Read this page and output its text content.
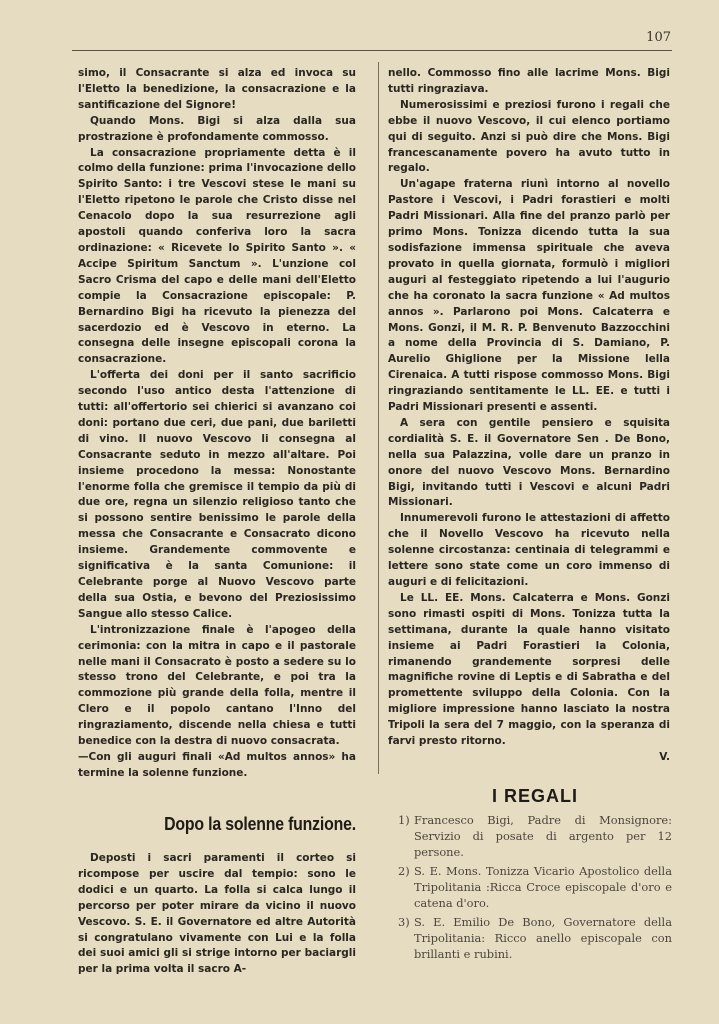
107

simo, il Consacrante si alza ed invoca su l'Eletto la benedizione, la consacrazione e la santificazione del Signore!

Quando Mons. Bigi si alza dalla sua prostrazione è profondamente commosso.

La consacrazione propriamente detta è il colmo della funzione: prima l'invocazione dello Spirito Santo: i tre Vescovi stese le mani su l'Eletto ripetono le parole che Cristo disse nel Cenacolo dopo la sua resurrezione agli apostoli quando conferiva loro la sacra ordinazione: « Ricevete lo Spirito Santo ». « Accipe Spiritum Sanctum ». L'unzione col Sacro Crisma del capo e delle mani dell'Eletto compie la Consacrazione episcopale: P. Bernardino Bigi ha ricevuto la pienezza del sacerdozio ed è Vescovo in eterno. La consegna delle insegne episcopali corona la consacrazione.

L'offerta dei doni per il santo sacrificio secondo l'uso antico desta l'attenzione di tutti: all'offertorio sei chierici si avanzano coi doni: portano due ceri, due pani, due bariletti di vino. Il nuovo Vescovo li consegna al Consacrante seduto in mezzo all'altare. Poi insieme procedono la messa: Nonostante l'enorme folla che gremisce il tempio da più di due ore, regna un silenzio religioso tanto che si possono sentire benissimo le parole della messa che Consacrante e Consacrato dicono insieme. Grandemente commovente e significativa è la santa Comunione: il Celebrante porge al Nuovo Vescovo parte della sua Ostia, e bevono del Preziosissimo Sangue allo stesso Calice.

L'intronizzazione finale è l'apogeo della cerimonia: con la mitra in capo e il pastorale nelle mani il Consacrato è posto a sedere su lo stesso trono del Celebrante, e poi tra la commozione più grande della folla, mentre il Clero e il popolo cantano l'Inno del ringraziamento, discende nella chiesa e tutti benedice con la destra di nuovo consacrata.

—Con gli auguri finali «Ad multos annos» ha termine la solenne funzione.

Dopo la solenne funzione.

Deposti i sacri paramenti il corteo si ricompose per uscire dal tempio: sono le dodici e un quarto. La folla si calca lungo il percorso per poter mirare da vicino il nuovo Vescovo. S. E. il Governatore ed altre Autorità si congratulano vivamente con Lui e la folla dei suoi amici gli si strige intorno per baciargli per la prima volta il sacro A-

nello. Commosso fino alle lacrime Mons. Bigi tutti ringraziava.

Numerosissimi e preziosi furono i regali che ebbe il nuovo Vescovo, il cui elenco portiamo qui di seguito. Anzi si può dire che Mons. Bigi francescanamente povero ha avuto tutto in regalo.

Un'agape fraterna riunì intorno al novello Pastore i Vescovi, i Padri forastieri e molti Padri Missionari. Alla fine del pranzo parlò per primo Mons. Tonizza dicendo tutta la sua sodisfazione immensa spirituale che aveva provato in quella giornata, formulò i migliori auguri al festeggiato ripetendo a lui l'augurio che ha coronato la sacra funzione « Ad multos annos ». Parlarono poi Mons. Calcaterra e Mons. Gonzi, il M. R. P. Benvenuto Bazzocchini a nome della Provincia di S. Damiano, P. Aurelio Ghiglione per la Missione lella Cirenaica. A tutti rispose commosso Mons. Bigi ringraziando sentitamente le LL. EE. e tutti i Padri Missionari presenti e assenti.

A sera con gentile pensiero e squisita cordialità S. E. il Governatore Sen . De Bono, nella sua Palazzina, volle dare un pranzo in onore del nuovo Vescovo Mons. Bernardino Bigi, invitando tutti i Vescovi e alcuni Padri Missionari.

Innumerevoli furono le attestazioni di affetto che il Novello Vescovo ha ricevuto nella solenne circostanza: centinaia di telegrammi e lettere sono state come un coro immenso di auguri e di felicitazioni.

Le LL. EE. Mons. Calcaterra e Mons. Gonzi sono rimasti ospiti di Mons. Tonizza tutta la settimana, durante la quale hanno visitato insieme ai Padri Forastieri la Colonia, rimanendo grandemente sorpresi delle magnifiche rovine di Leptis e di Sabratha e del promettente sviluppo della Colonia. Con la migliore impressione hanno lasciato la nostra Tripoli la sera del 7 maggio, con la speranza di farvi presto ritorno.

V.

I REGALI
1) Francesco Bigi, Padre di Monsignore: Servizio di posate di argento per 12 persone.
2) S. E. Mons. Tonizza Vicario Apostolico della Tripolitania :Ricca Croce episcopale d'oro e catena d'oro.
3) S. E. Emilio De Bono, Governatore della Tripolitania: Ricco anello episcopale con brillanti e rubini.
